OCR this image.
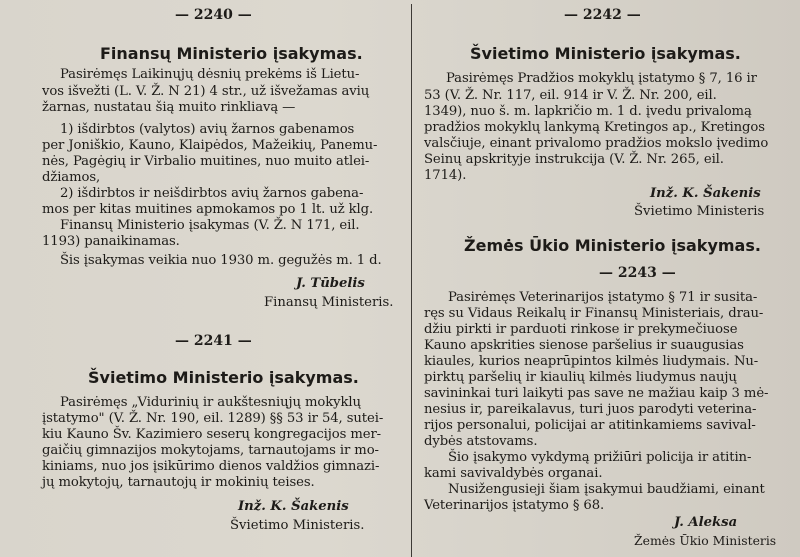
— 2240 —
Finansų Ministerio įsakymas.
Pasirėmęs Laikinųjų dėsnių prekėms iš Lietu-
vos išvežti (L. V. Ž. N 21) 4 str., už išvežamas avių
žarnas, nustatau šią muito rinkliavą —
1) išdirbtos (valytos) avių žarnos gabenamos
per Joniškio, Kauno, Klaipėdos, Mažeikių, Panemu-
nės, Pagėgių ir Virbalio muitines, nuo muito atlei-
džiamos,
2) išdirbtos ir neišdirbtos avių žarnos gabena-
mos per kitas muitines apmokamos po 1 lt. už klg.
Finansų Ministerio įsakymas (V. Ž. N 171, eil.
1193) panaikinamas.
Šis įsakymas veikia nuo 1930 m. gegužės m. 1 d.
J. Tūbelis
Finansų Ministeris.
— 2241 —
Švietimo Ministerio įsakymas.
Pasirėmęs „Vidurinių ir aukštesniųjų mokyklų
įstatymo" (V. Ž. Nr. 190, eil. 1289) §§ 53 ir 54, sutei-
kiu Kauno Šv. Kazimiero seserų kongregacijos mer-
gaičių gimnazijos mokytojams, tarnautojams ir mo-
kiniams, nuo jos įsikūrimo dienos valdžios gimnazi-
jų mokytojų, tarnautojų ir mokinių teises.
Inž. K. Šakenis
Švietimo Ministeris.
— 2242 —
Švietimo Ministerio įsakymas.
Pasirėmęs Pradžios mokyklų įstatymo § 7, 16 ir
53 (V. Ž. Nr. 117, eil. 914 ir V. Ž. Nr. 200, eil.
1349), nuo š. m. lapkričio m. 1 d. įvedu privalomą
pradžios mokyklų lankymą Kretingos ap., Kretingos
valsčiuje, einant privalomo pradžios mokslo įvedimo
Seinų apskrityje instrukcija (V. Ž. Nr. 265, eil.
1714).
Inž. K. Šakenis
Švietimo Ministeris
Žemės Ūkio Ministerio įsakymas.
— 2243 —
Pasirėmęs Veterinarijos įstatymo § 71 ir susita-
ręs su Vidaus Reikalų ir Finansų Ministeriais, drau-
džiu pirkti ir parduoti rinkose ir prekymečiuose
Kauno apskrities sienose paršelius ir suaugusias
kiaules, kurios neaprūpintos kilmės liudymais. Nu-
pirktų paršelių ir kiaulių kilmės liudymus naujų
savininkai turi laikyti pas save ne mažiau kaip 3 mė-
nesius ir, pareikalavus, turi juos parodyti veterina-
rijos personalui, policijai ar atitinkamiems savival-
dybės atstovams.
Šio įsakymo vykdymą prižiūri policija ir atitin-
kami savivaldybės organai.
Nusižengusieji šiam įsakymui baudžiami, einant
Veterinarijos įstatymo § 68.
J. Aleksa
Žemės Ūkio Ministeris
